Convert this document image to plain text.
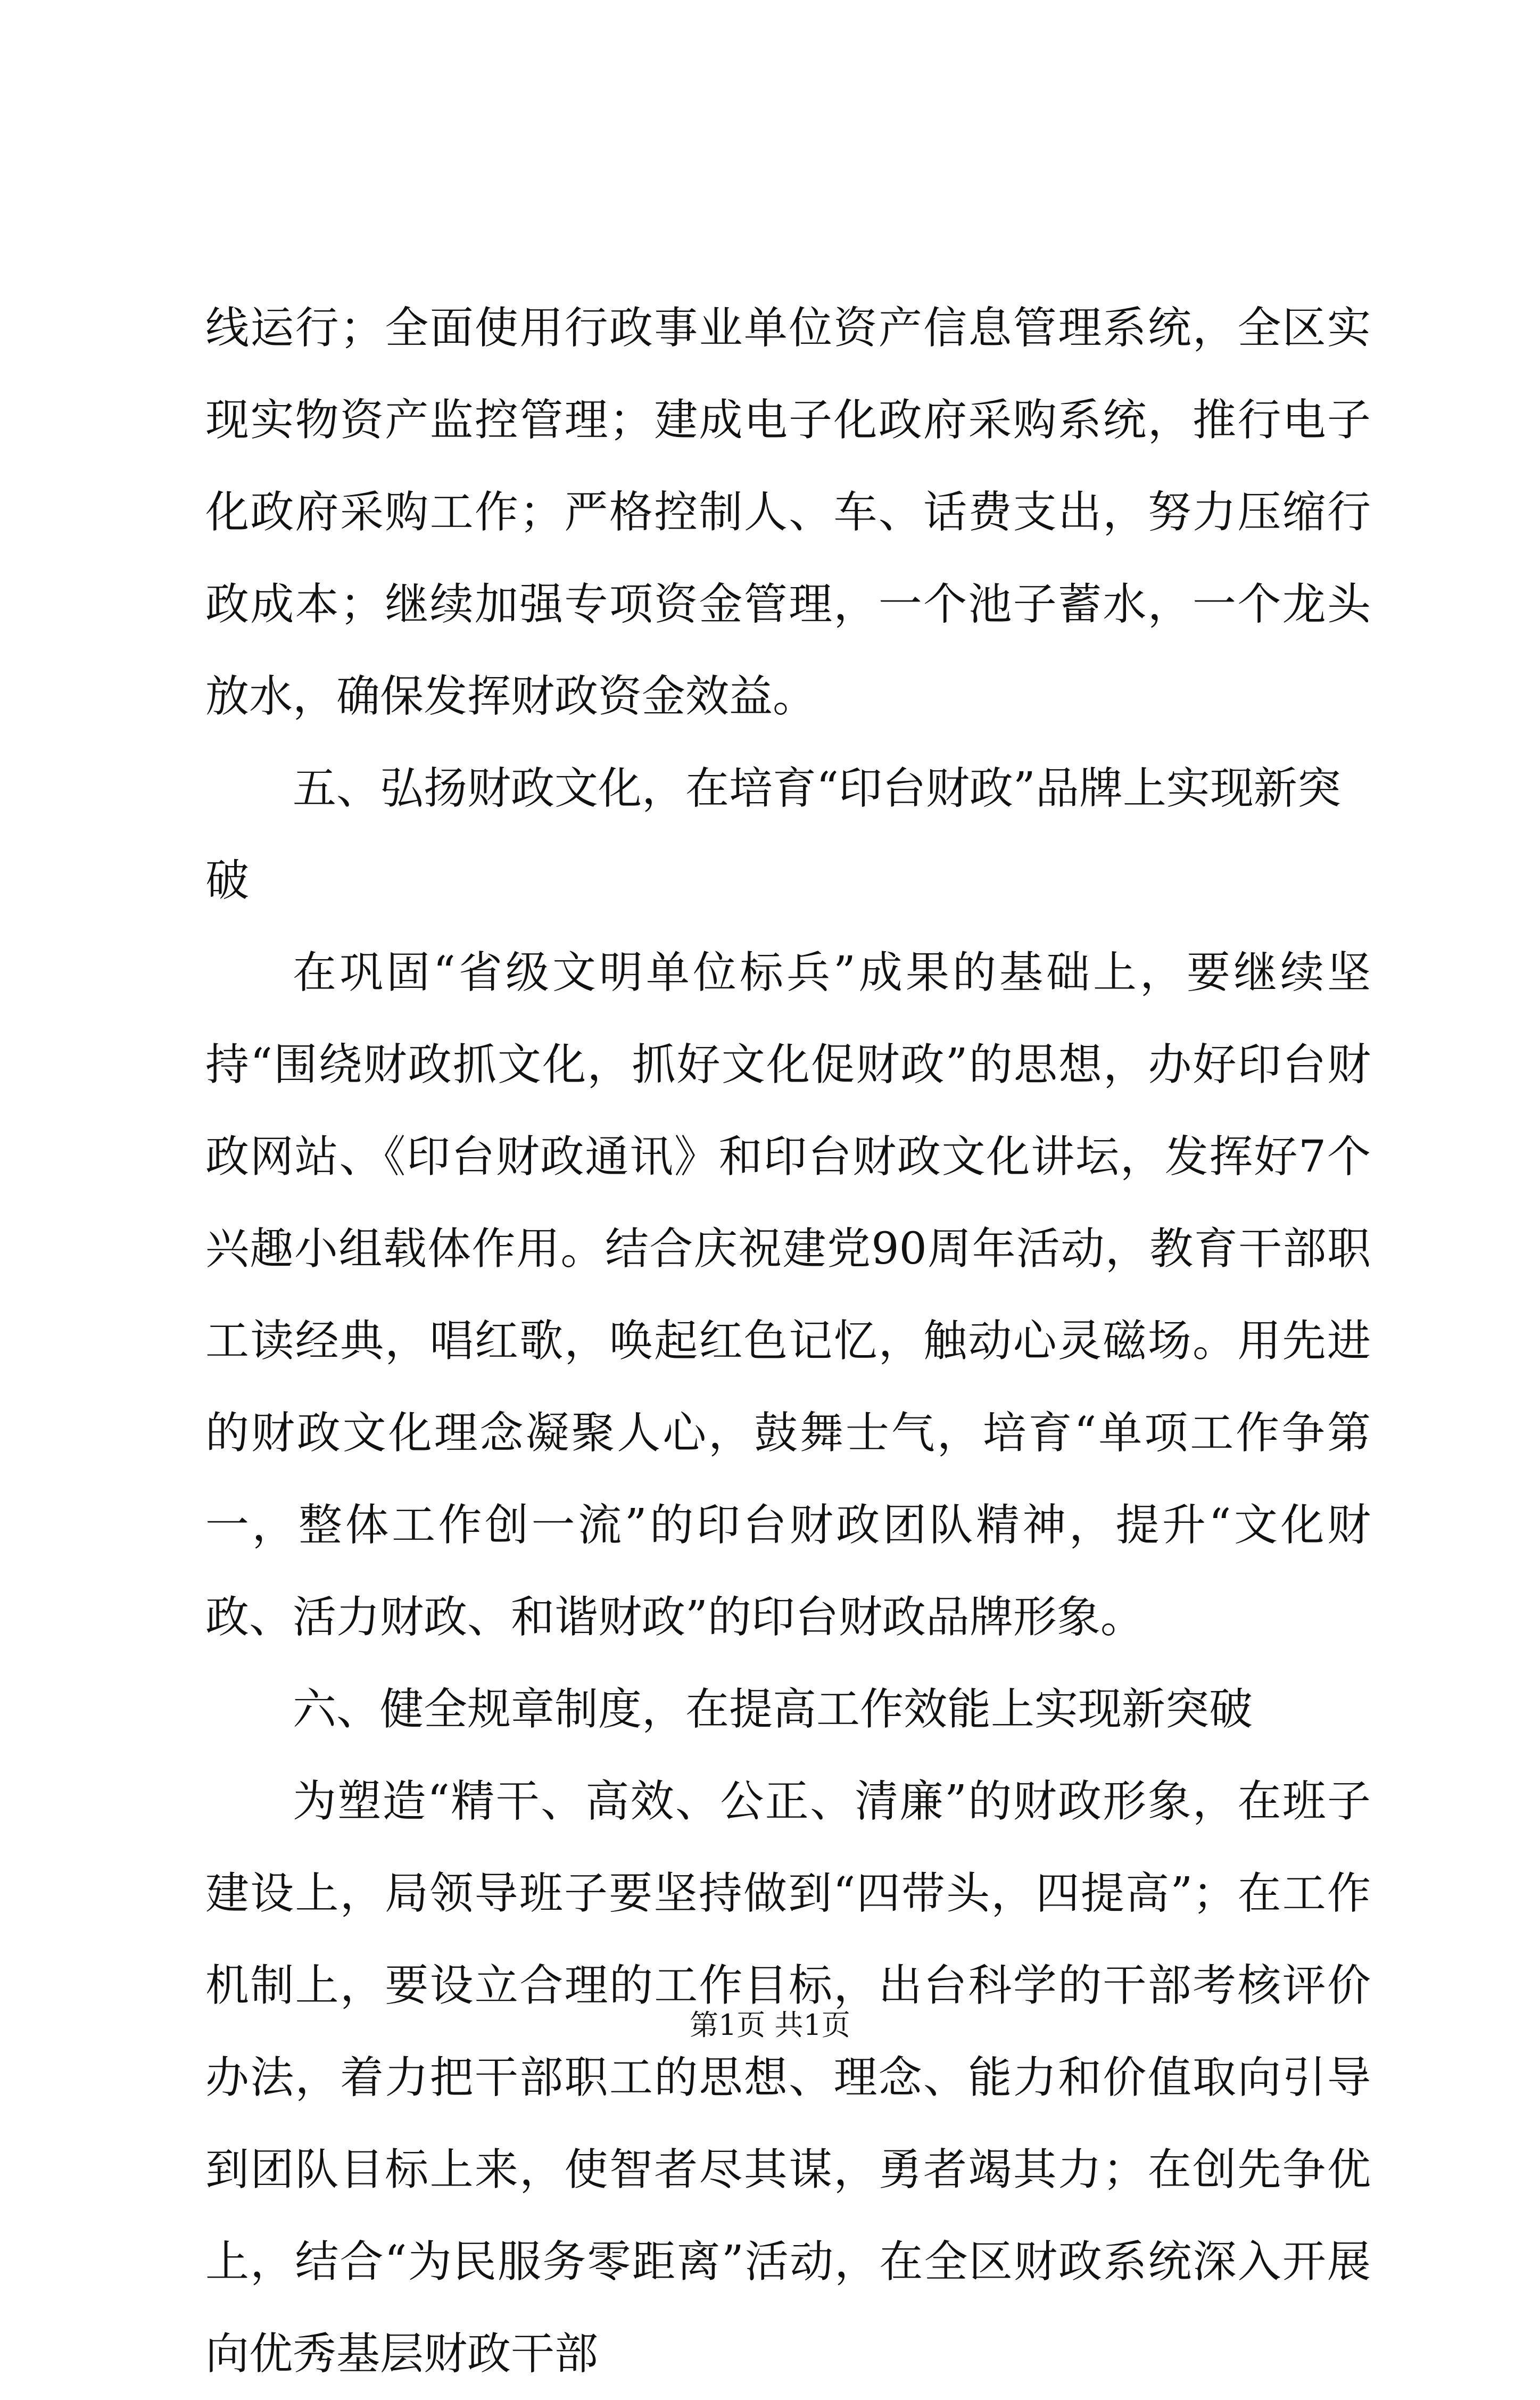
线运行；全面使用行政事业单位资产信息管理系统，全区实现实物资产监控管理；建成电子化政府采购系统，推行电子化政府采购工作；严格控制人、车、话费支出，努力压缩行政成本；继续加强专项资金管理，一个池子蓄水，一个龙头放水，确保发挥财政资金效益。

五、弘扬财政文化，在培育“印台财政”品牌上实现新突破

在巩固“省级文明单位标兵”成果的基础上，要继续坚持“围绕财政抓文化，抓好文化促财政”的思想，办好印台财政网站、《印台财政通讯》和印台财政文化讲坛，发挥好7个兴趣小组载体作用。结合庆祝建党90周年活动，教育干部职工读经典，唱红歌，唤起红色记忆，触动心灵磁场。用先进的财政文化理念凝聚人心，鼓舞士气，培育“单项工作争第一，整体工作创一流”的印台财政团队精神，提升“文化财政、活力财政、和谐财政”的印台财政品牌形象。

六、健全规章制度，在提高工作效能上实现新突破

为塑造“精干、高效、公正、清廉”的财政形象，在班子建设上，局领导班子要坚持做到“四带头，四提高”；在工作机制上，要设立合理的工作目标，出台科学的干部考核评价办法，着力把干部职工的思想、理念、能力和价值取向引导到团队目标上来，使智者尽其谋，勇者竭其力；在创先争优上，结合“为民服务零距离”活动，在全区财政系统深入开展向优秀基层财政干部

第1页 共1页
